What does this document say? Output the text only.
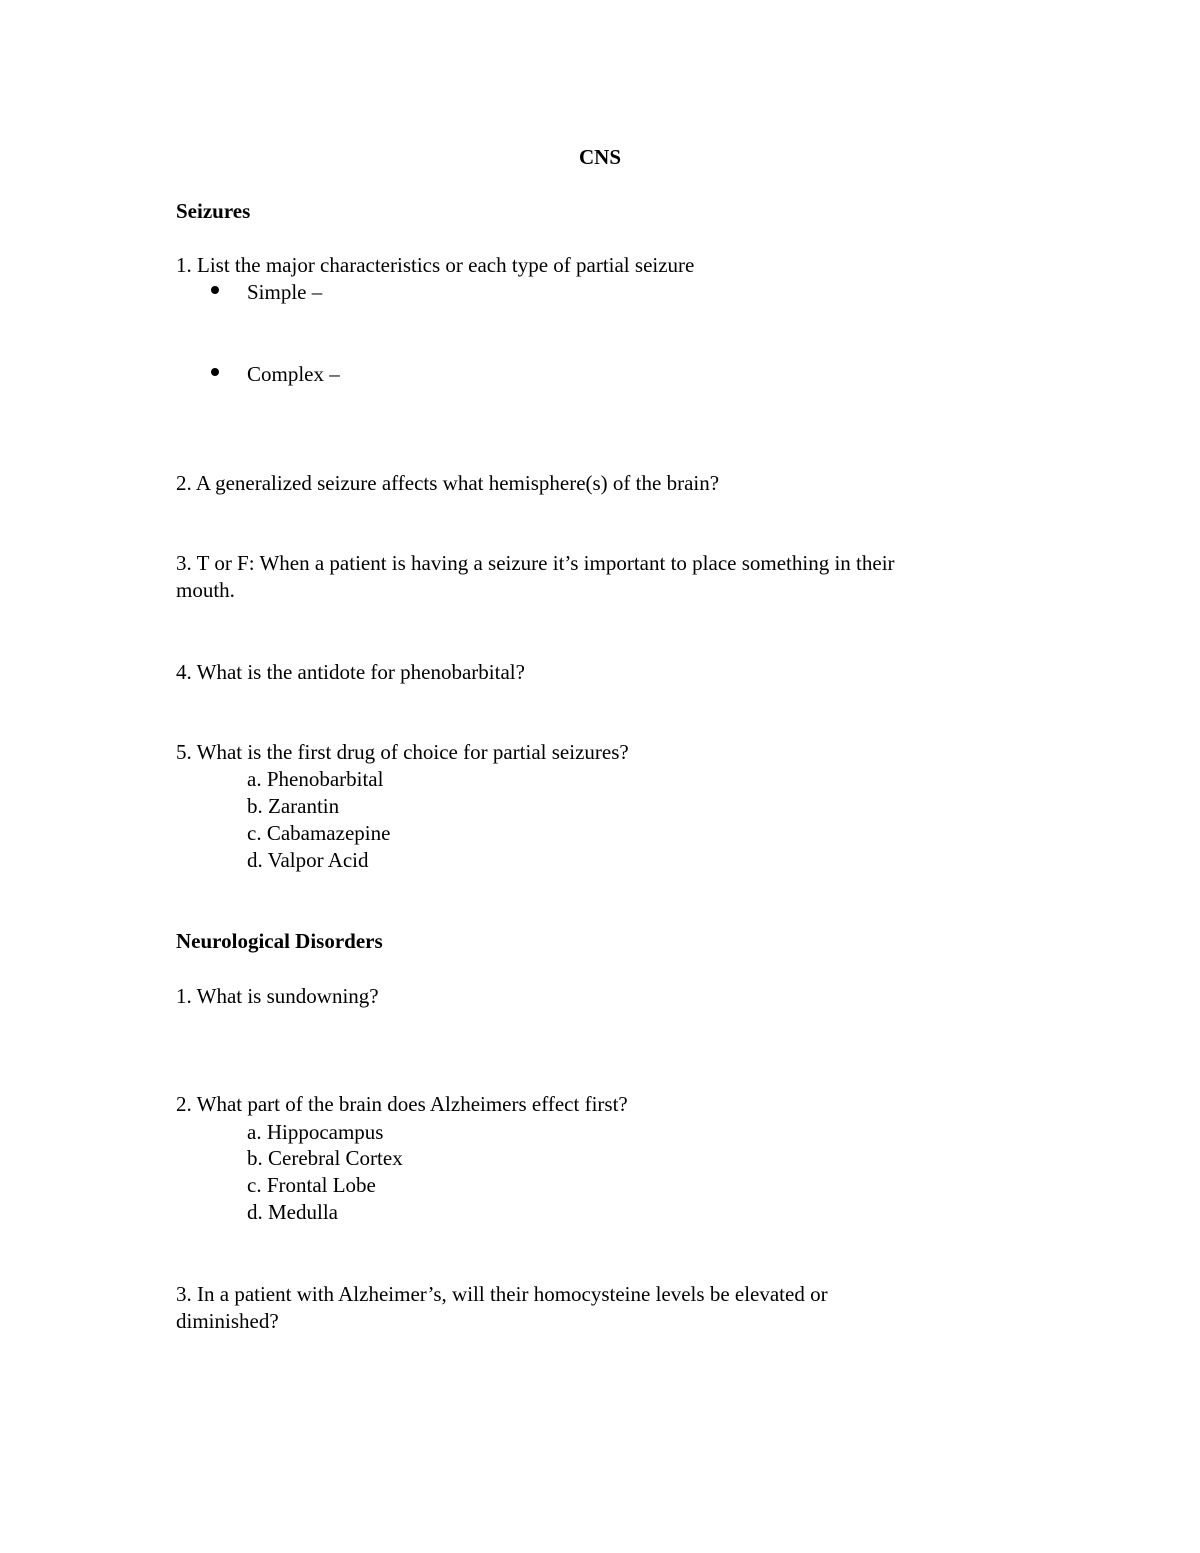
CNS
Seizures
1. List the major characteristics or each type of partial seizure
Simple –
Complex –
2. A generalized seizure affects what hemisphere(s) of the brain?
3. T or F: When a patient is having a seizure it’s important to place something in their
mouth.
4. What is the antidote for phenobarbital?
5. What is the first drug of choice for partial seizures?
a. Phenobarbital
b. Zarantin
c. Cabamazepine
d. Valpor Acid
Neurological Disorders
1. What is sundowning?
2. What part of the brain does Alzheimers effect first?
a. Hippocampus
b. Cerebral Cortex
c. Frontal Lobe
d. Medulla
3. In a patient with Alzheimer’s, will their homocysteine levels be elevated or
diminished?
